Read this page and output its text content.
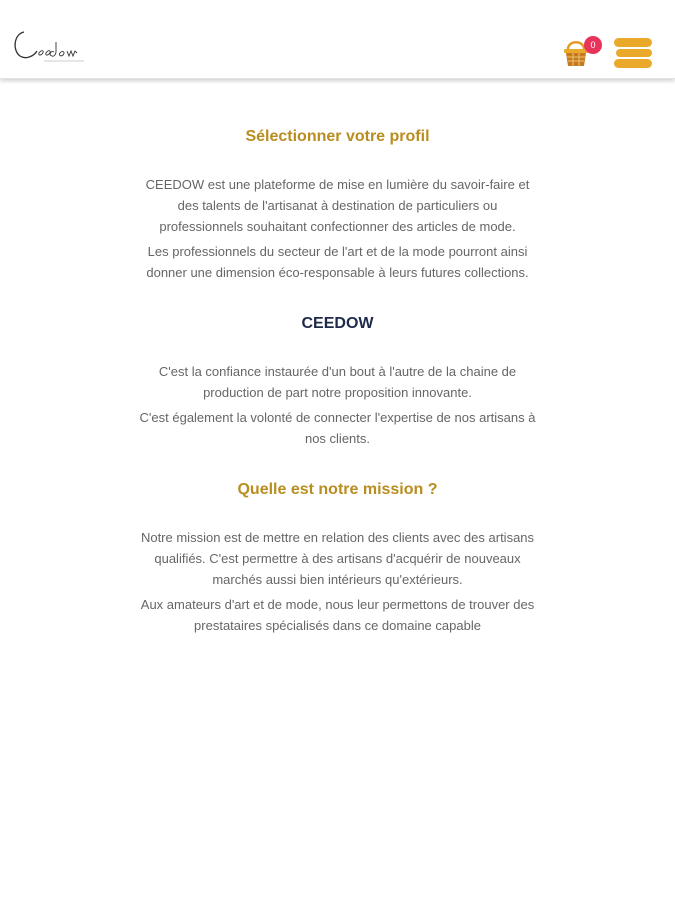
0
Sélectionner votre profil

CEEDOW est une plateforme de mise en lumière du savoir-faire et des talents de l'artisanat à destination de particuliers ou professionnels souhaitant confectionner des articles de mode.

Les professionnels du secteur de l'art et de la mode pourront ainsi donner une dimension éco-responsable à leurs futures collections.

CEEDOW

C'est la confiance instaurée d'un bout à l'autre de la chaine de production de part notre proposition innovante.

C'est également la volonté de connecter l'expertise de nos artisans à nos clients.

Quelle est notre mission ?

Notre mission est de mettre en relation des clients avec des artisans qualifiés. C'est permettre à des artisans d'acquérir de nouveaux marchés aussi bien intérieurs qu'extérieurs.

Aux amateurs d'art et de mode, nous leur permettons de trouver des prestataires spécialisés dans ce domaine capable
